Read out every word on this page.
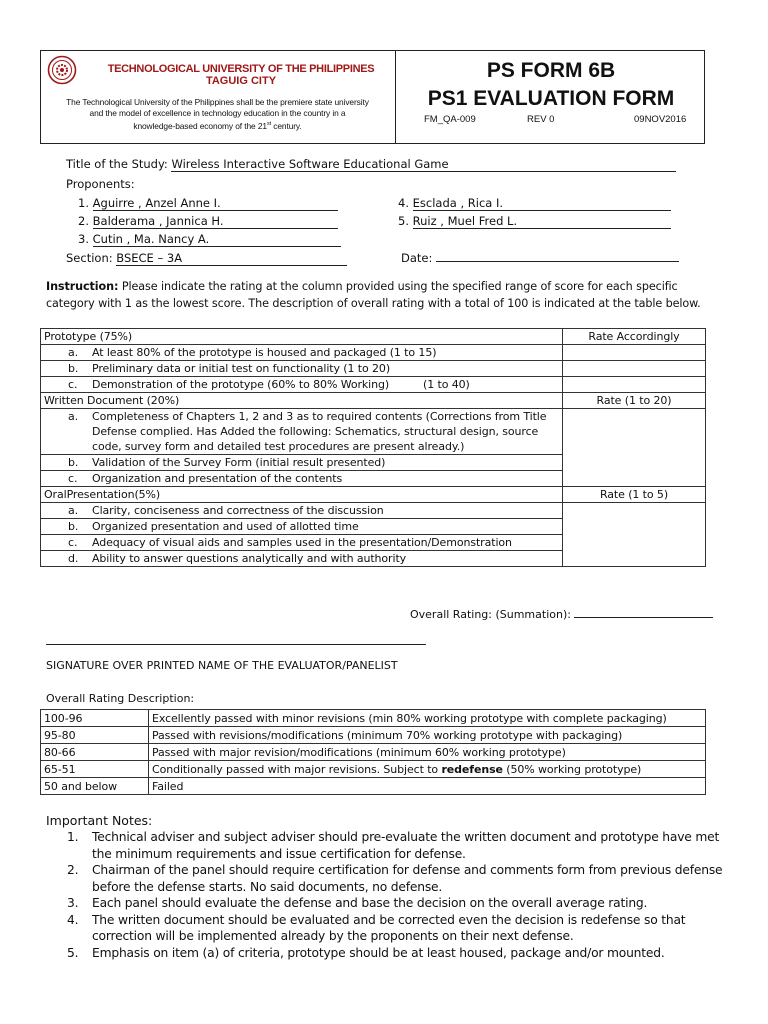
TECHNOLOGICAL UNIVERSITY OF THE PHILIPPINES
TAGUIG CITY
The Technological University of the Philippines shall be the premiere state university
and the model of excellence in technology education in the country in a
knowledge-based economy of the 21st century.
PS FORM 6B
PS1 EVALUATION FORM
FM_QA-009	REV 0	09NOV2016
Title of the Study: Wireless Interactive Software Educational Game
Proponents:
1. Aguirre , Anzel Anne I.
2. Balderama , Jannica H.
3. Cutin , Ma. Nancy A.
4. Esclada , Rica I.
5. Ruiz , Muel Fred L.
Section: BSECE – 3A	Date:
Instruction: Please indicate the rating at the column provided using the specified range of score for each specific category with 1 as the lowest score. The description of overall rating with a total of 100 is indicated at the table below.
Prototype (75%)	Rate Accordingly

a. At least 80% of the prototype is housed and packaged (1 to 15)	

b. Preliminary data or initial test on functionality (1 to 20)	

c. Demonstration of the prototype (60% to 80% Working)          (1 to 40)	

Written Document (20%)	Rate (1 to 20)

a. Completeness of Chapters 1, 2 and 3 as to required contents (Corrections from Title Defense complied. Has Added the following: Schematics, structural design, source code, survey form and detailed test procedures are present already.)	

b. Validation of the Survey Form (initial result presented)	

c. Organization and presentation of the contents	

OralPresentation(5%)	Rate (1 to 5)

a. Clarity, conciseness and correctness of the discussion	

b. Organized presentation and used of allotted time	

c. Adequacy of visual aids and samples used in the presentation/Demonstration	

d. Ability to answer questions analytically and with authority	
Overall Rating: (Summation):
SIGNATURE OVER PRINTED NAME OF THE EVALUATOR/PANELIST
Overall Rating Description:
100-96	Excellently passed with minor revisions (min 80% working prototype with complete packaging)
95-80	Passed with revisions/modifications (minimum 70% working prototype with packaging)
80-66	Passed with major revision/modifications (minimum 60% working prototype)
65-51	Conditionally passed with major revisions. Subject to redefense (50% working prototype)
50 and below	Failed
Important Notes:
1. Technical adviser and subject adviser should pre-evaluate the written document and prototype have met the minimum requirements and issue certification for defense.
2. Chairman of the panel should require certification for defense and comments form from previous defense before the defense starts. No said documents, no defense.
3. Each panel should evaluate the defense and base the decision on the overall average rating.
4. The written document should be evaluated and be corrected even the decision is redefense so that correction will be implemented already by the proponents on their next defense.
5. Emphasis on item (a) of criteria, prototype should be at least housed, package and/or mounted.
